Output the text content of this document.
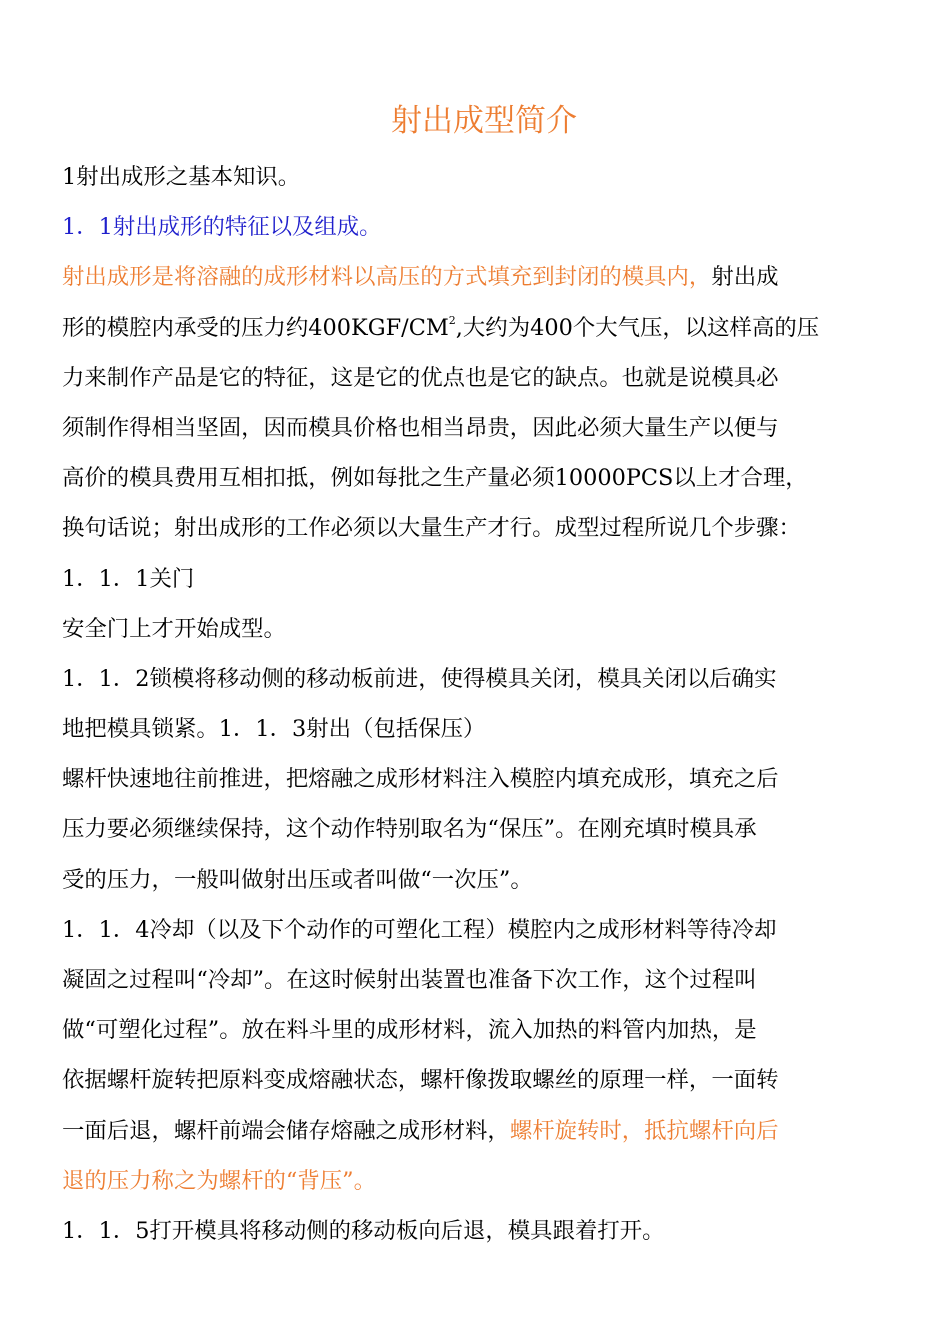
射出成型简介

1射出成形之基本知识。

1．1射出成形的特征以及组成。

射出成形是将溶融的成形材料以高压的方式填充到封闭的模具内，射出成

形的模腔内承受的压力约$400KGF/CM^2$,大约为400个大气压，以这样高的压

力来制作产品是它的特征，这是它的优点也是它的缺点。也就是说模具必

须制作得相当坚固，因而模具价格也相当昂贵，因此必须大量生产以便与

高价的模具费用互相扣抵，例如每批之生产量必须10000PCS以上才合理，

换句话说；射出成形的工作必须以大量生产才行。成型过程所说几个步骤：

1．1．1关门

安全门上才开始成型。

1．1．2锁模将移动侧的移动板前进，使得模具关闭，模具关闭以后确实

地把模具锁紧。1．1．3射出（包括保压）

螺杆快速地往前推进，把熔融之成形材料注入模腔内填充成形，填充之后

压力要必须继续保持，这个动作特别取名为“保压”。在刚充填时模具承

受的压力，一般叫做射出压或者叫做“一次压”。

1．1．4冷却（以及下个动作的可塑化工程）模腔内之成形材料等待冷却

凝固之过程叫“冷却”。在这时候射出装置也准备下次工作，这个过程叫

做“可塑化过程”。放在料斗里的成形材料，流入加热的料管内加热，是

依据螺杆旋转把原料变成熔融状态，螺杆像拨取螺丝的原理一样，一面转

一面后退，螺杆前端会储存熔融之成形材料，螺杆旋转时，抵抗螺杆向后

退的压力称之为螺杆的“背压”。

1．1．5打开模具将移动侧的移动板向后退，模具跟着打开。
